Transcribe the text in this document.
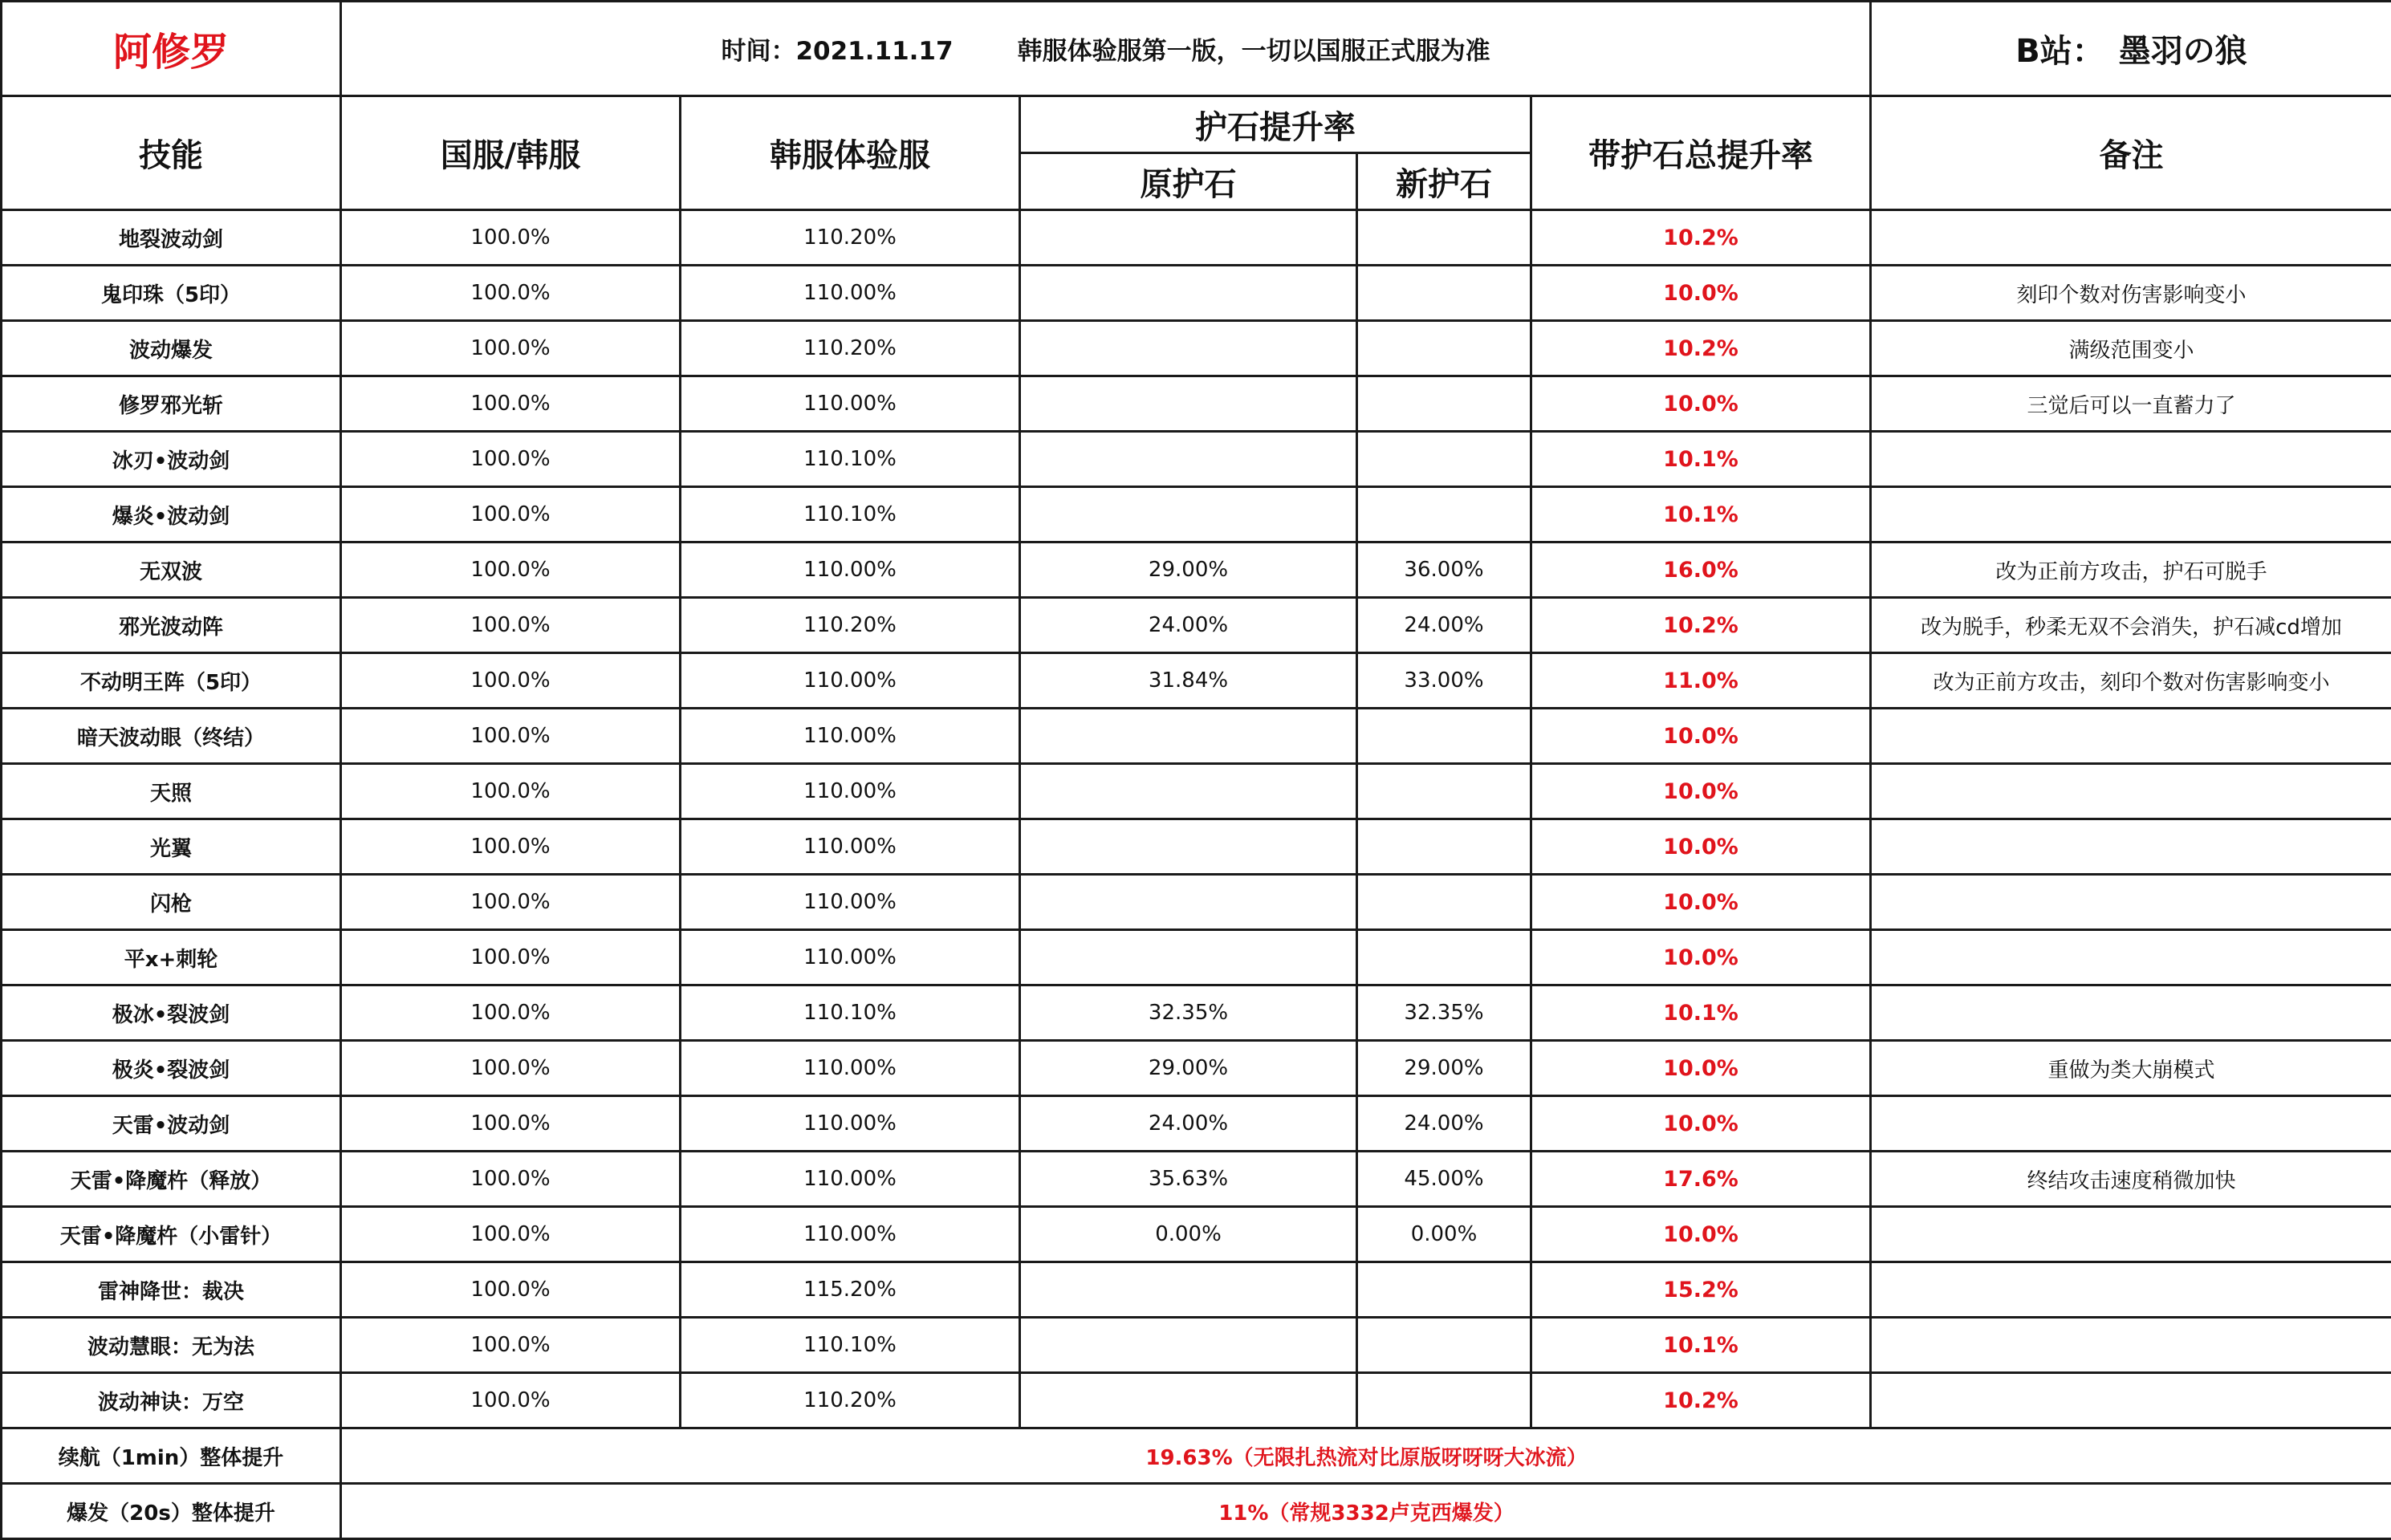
阿修罗	时间：2021.11.17 韩服体验服第一版，一切以国服正式服为准					B站： 墨羽の狼
技能	国服/韩服	韩服体验服	护石提升率		带护石总提升率	备注
			原护石	新护石		
地裂波动剑	100.0%	110.20%			10.2%	
鬼印珠（5印）	100.0%	110.00%			10.0%	刻印个数对伤害影响变小
波动爆发	100.0%	110.20%			10.2%	满级范围变小
修罗邪光斩	100.0%	110.00%			10.0%	三觉后可以一直蓄力了
冰刃•波动剑	100.0%	110.10%			10.1%	
爆炎•波动剑	100.0%	110.10%			10.1%	
无双波	100.0%	110.00%	29.00%	36.00%	16.0%	改为正前方攻击，护石可脱手
邪光波动阵	100.0%	110.20%	24.00%	24.00%	10.2%	改为脱手，秒柔无双不会消失，护石减cd增加
不动明王阵（5印）	100.0%	110.00%	31.84%	33.00%	11.0%	改为正前方攻击，刻印个数对伤害影响变小
暗天波动眼（终结）	100.0%	110.00%			10.0%	
天照	100.0%	110.00%			10.0%	
光翼	100.0%	110.00%			10.0%	
闪枪	100.0%	110.00%			10.0%	
平x+刺轮	100.0%	110.00%			10.0%	
极冰•裂波剑	100.0%	110.10%	32.35%	32.35%	10.1%	
极炎•裂波剑	100.0%	110.00%	29.00%	29.00%	10.0%	重做为类大崩模式
天雷•波动剑	100.0%	110.00%	24.00%	24.00%	10.0%	
天雷•降魔杵（释放）	100.0%	110.00%	35.63%	45.00%	17.6%	终结攻击速度稍微加快
天雷•降魔杵（小雷针）	100.0%	110.00%	0.00%	0.00%	10.0%	
雷神降世：裁决	100.0%	115.20%			15.2%	
波动慧眼：无为法	100.0%	110.10%			10.1%	
波动神诀：万空	100.0%	110.20%			10.2%	
续航（1min）整体提升	19.63%（无限扎热流对比原版呀呀呀大冰流）					
爆发（20s）整体提升	11%（常规3332卢克西爆发）					
